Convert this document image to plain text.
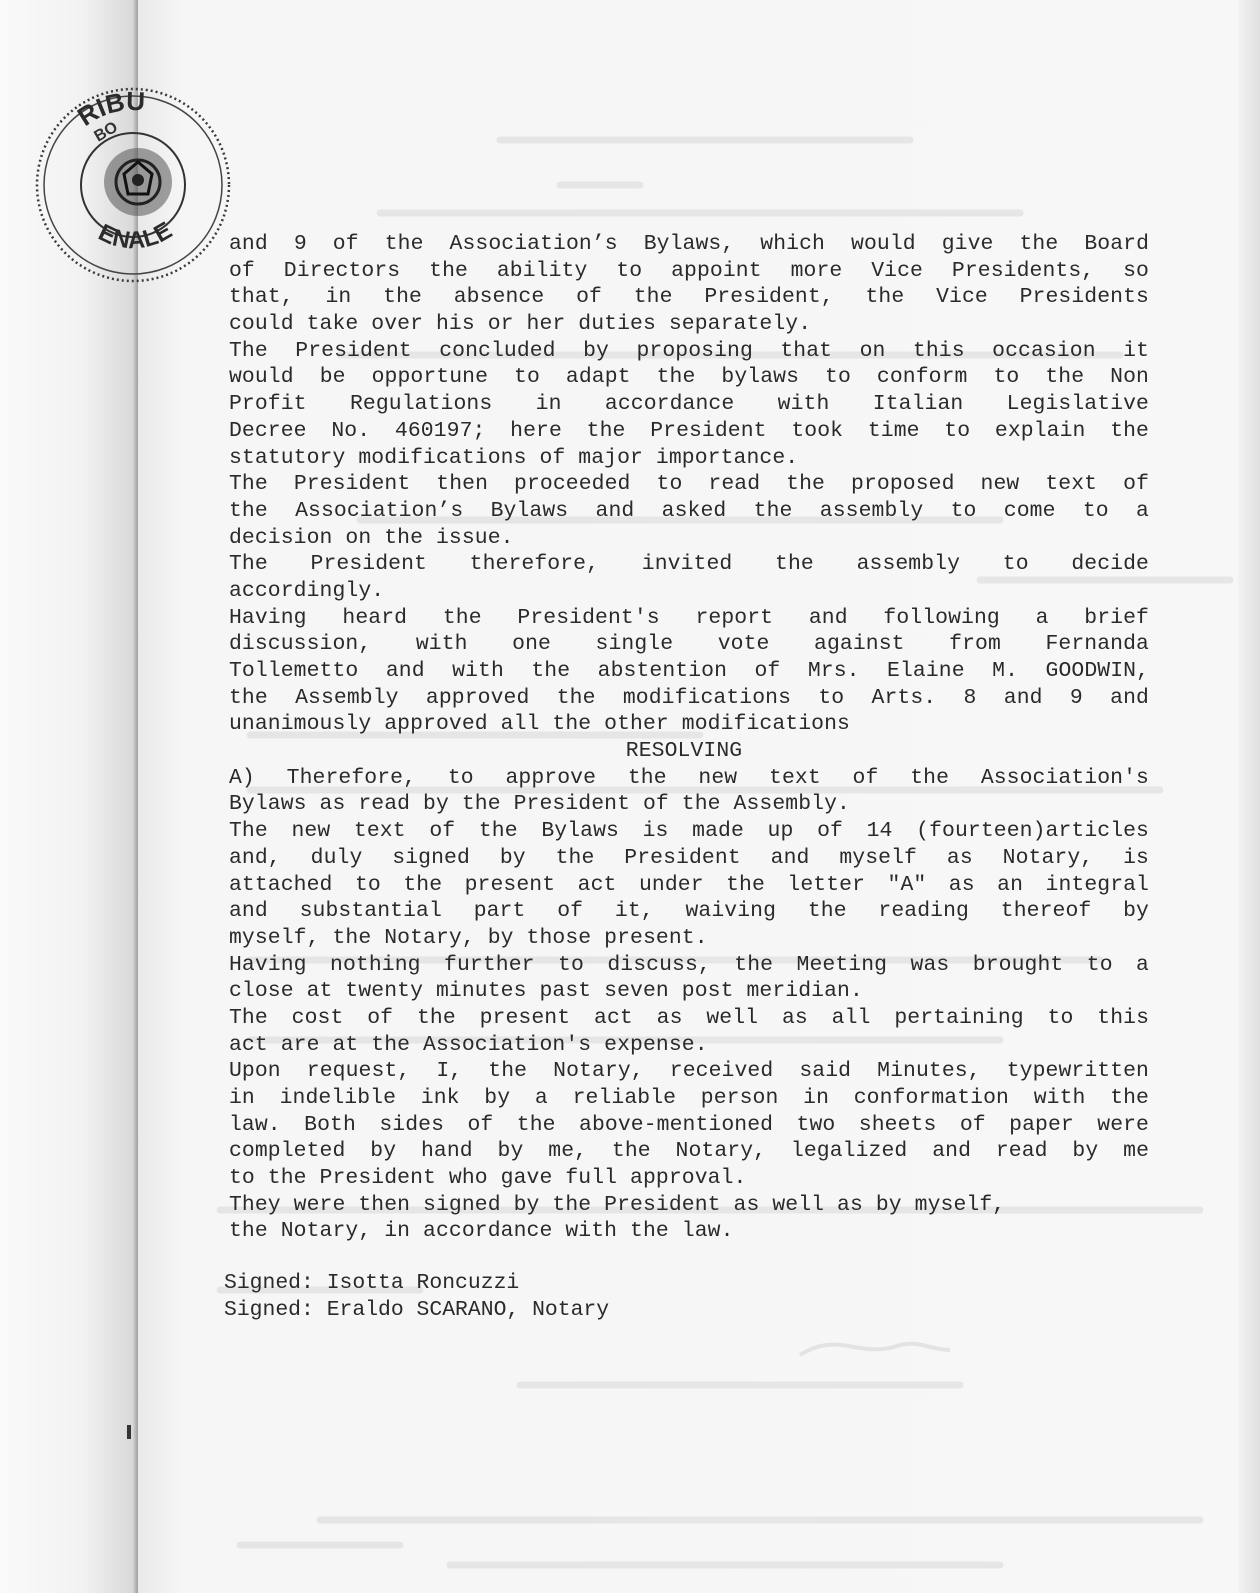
RIBU
ENALE
BO
and 9 of the Association’s Bylaws, which would give the Board
of Directors the ability to appoint more Vice Presidents, so
that, in the absence of the President, the Vice Presidents
could take over his or her duties separately.
The President concluded by proposing that on this occasion it
would be opportune to adapt the bylaws to conform to the Non
Profit Regulations in accordance with Italian Legislative
Decree No. 460197; here the President took time to explain the
statutory modifications of major importance.
The President then proceeded to read the proposed new text of
the Association’s Bylaws and asked the assembly to come to a
decision on the issue.
The President therefore, invited the assembly to decide
accordingly.
Having heard the President's report and following a brief
discussion, with one single vote against from Fernanda
Tollemetto and with the abstention of Mrs. Elaine M. GOODWIN,
the Assembly approved the modifications to Arts. 8 and 9 and
unanimously approved all the other modifications
RESOLVING
A) Therefore, to approve the new text of the Association's
Bylaws as read by the President of the Assembly.
The new text of the Bylaws is made up of 14 (fourteen)articles
and, duly signed by the President and myself as Notary, is
attached to the present act under the letter "A" as an integral
and substantial part of it, waiving the reading thereof by
myself, the Notary, by those present.
Having nothing further to discuss, the Meeting was brought to a
close at twenty minutes past seven post meridian.
The cost of the present act as well as all pertaining to this
act are at the Association's expense.
Upon request, I, the Notary, received said Minutes, typewritten
in indelible ink by a reliable person in conformation with the
law. Both sides of the above-mentioned two sheets of paper were
completed by hand by me, the Notary, legalized and read by me
to the President who gave full approval.
They were then signed by the President as well as by myself,
the Notary, in accordance with the law.
Signed: Isotta Roncuzzi
Signed: Eraldo SCARANO, Notary
